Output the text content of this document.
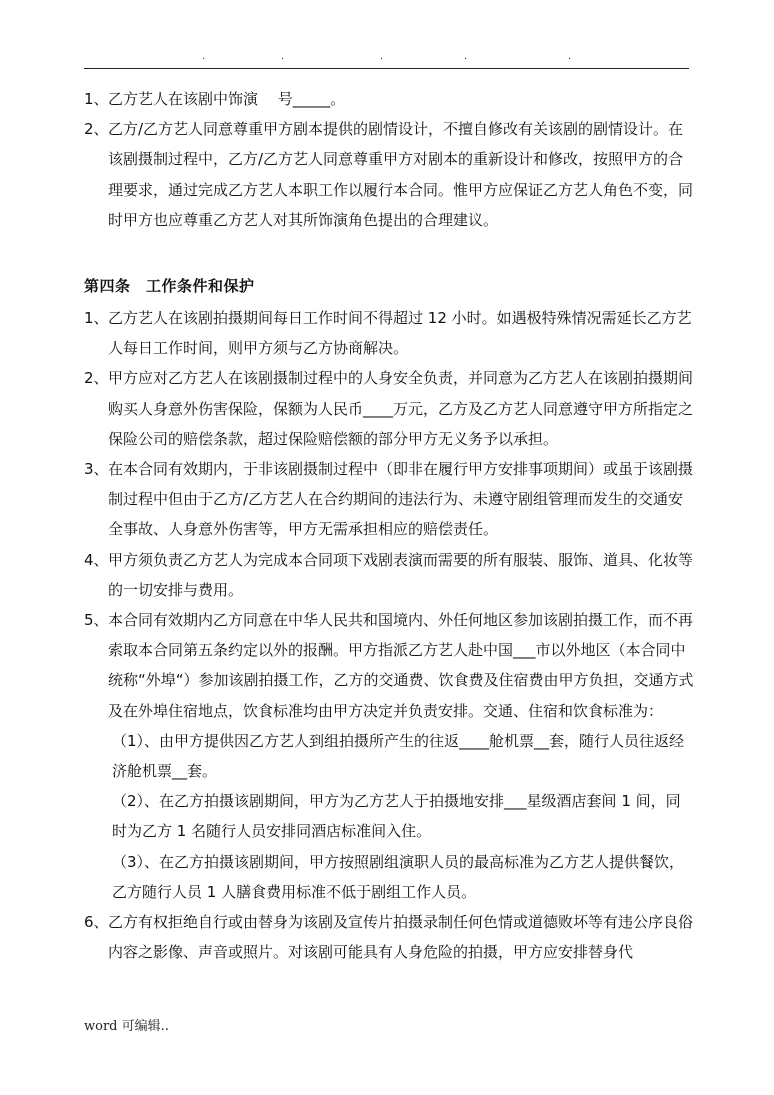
.	.	.	.	.

1、 乙方艺人在该剧中饰演　 号_____。

2、 乙方/乙方艺人同意尊重甲方剧本提供的剧情设计，不擅自修改有关该剧的剧情设计。在该剧摄制过程中，乙方/乙方艺人同意尊重甲方对剧本的重新设计和修改，按照甲方的合理要求，通过完成乙方艺人本职工作以履行本合同。惟甲方应保证乙方艺人角色不变，同时甲方也应尊重乙方艺人对其所饰演角色提出的合理建议。

第四条　工作条件和保护

1、 乙方艺人在该剧拍摄期间每日工作时间不得超过 12 小时。如遇极特殊情况需延长乙方艺人每日工作时间，则甲方须与乙方协商解决。

2、 甲方应对乙方艺人在该剧摄制过程中的人身安全负责，并同意为乙方艺人在该剧拍摄期间购买人身意外伤害保险，保额为人民币____万元，乙方及乙方艺人同意遵守甲方所指定之保险公司的赔偿条款，超过保险赔偿额的部分甲方无义务予以承担。

3、 在本合同有效期内，于非该剧摄制过程中（即非在履行甲方安排事项期间）或虽于该剧摄制过程中但由于乙方/乙方艺人在合约期间的违法行为、未遵守剧组管理而发生的交通安全事故、人身意外伤害等，甲方无需承担相应的赔偿责任。

4、 甲方须负责乙方艺人为完成本合同项下戏剧表演而需要的所有服装、服饰、道具、化妆等的一切安排与费用。

5、 本合同有效期内乙方同意在中华人民共和国境内、外任何地区参加该剧拍摄工作，而不再索取本合同第五条约定以外的报酬。甲方指派乙方艺人赴中国___市以外地区（本合同中统称“外埠“）参加该剧拍摄工作，乙方的交通费、饮食费及住宿费由甲方负担，交通方式及在外埠住宿地点，饮食标准均由甲方决定并负责安排。交通、住宿和饮食标准为：

（1）、由甲方提供因乙方艺人到组拍摄所产生的往返____舱机票__套，随行人员往返经济舱机票__套。

（2）、在乙方拍摄该剧期间，甲方为乙方艺人于拍摄地安排___星级酒店套间 1 间，同时为乙方 1 名随行人员安排同酒店标准间入住。

（3）、在乙方拍摄该剧期间，甲方按照剧组演职人员的最高标准为乙方艺人提供餐饮，乙方随行人员 1 人膳食费用标准不低于剧组工作人员。

6、 乙方有权拒绝自行或由替身为该剧及宣传片拍摄录制任何色情或道德败坏等有违公序良俗内容之影像、声音或照片。对该剧可能具有人身危险的拍摄，甲方应安排替身代

word 可编辑..
